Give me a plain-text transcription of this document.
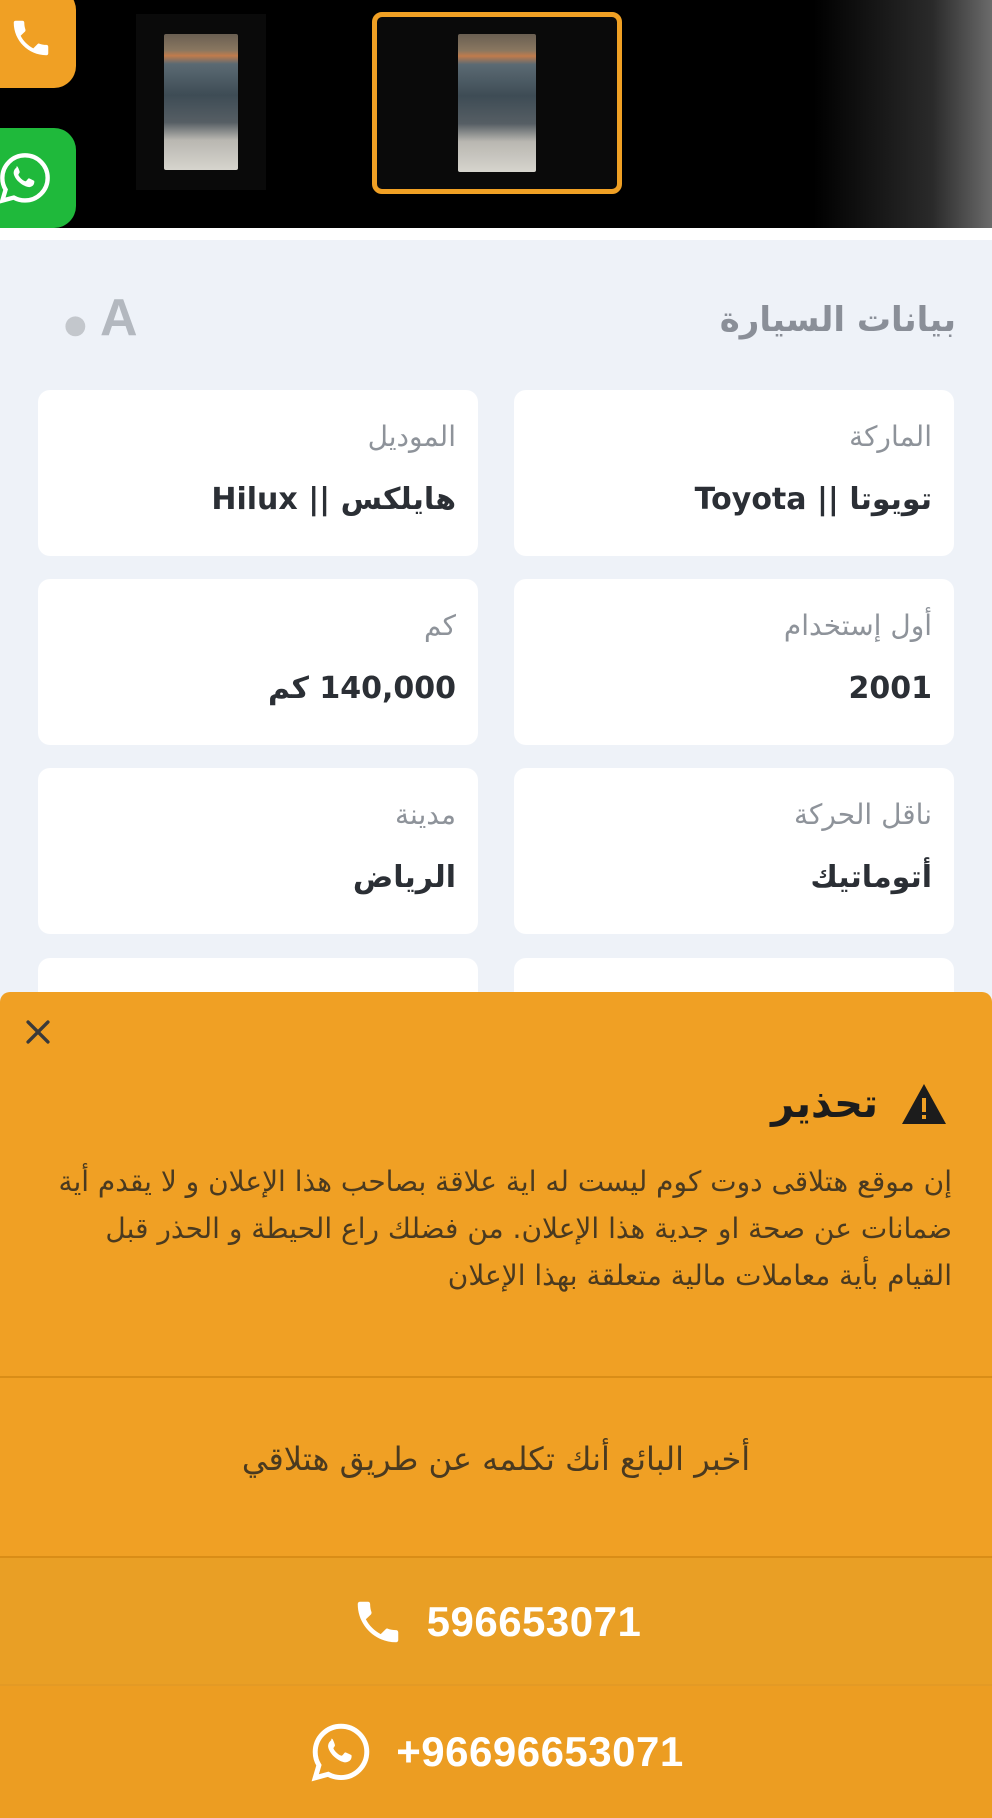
A
●	بيانات السيارة
الماركة
تويوتا || Toyota
الموديل
هايلكس || Hilux
أول إستخدام
2001
كم
140,000 كم
ناقل الحركة
أتوماتيك
مدينة
الرياض
تحذير
إن موقع هتلاقى دوت كوم ليست له اية علاقة بصاحب هذا الإعلان و لا يقدم أية ضمانات عن صحة او جدية هذا الإعلان. من فضلك راع الحيطة و الحذر قبل القيام بأية معاملات مالية متعلقة بهذا الإعلان
أخبر البائع أنك تكلمه عن طريق هتلاقي
596653071
+96696653071
